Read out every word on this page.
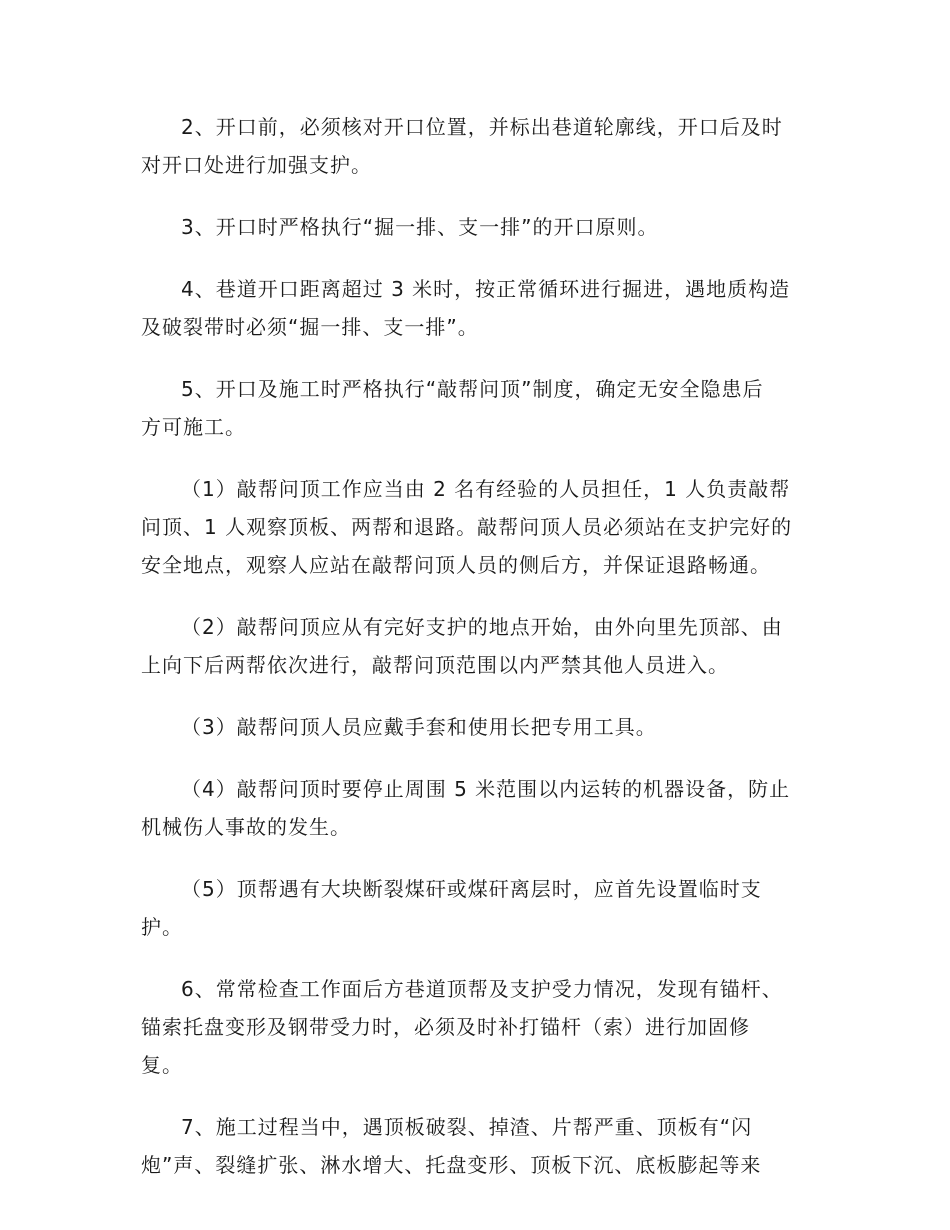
2、开口前，必须核对开口位置，并标出巷道轮廓线，开口后及时
对开口处进行加强支护。
3、开口时严格执行“掘一排、支一排”的开口原则。
4、巷道开口距离超过 3 米时，按正常循环进行掘进，遇地质构造
及破裂带时必须“掘一排、支一排”。
5、开口及施工时严格执行“敲帮问顶”制度，确定无安全隐患后
方可施工。
（1）敲帮问顶工作应当由 2 名有经验的人员担任，1 人负责敲帮
问顶、1 人观察顶板、两帮和退路。敲帮问顶人员必须站在支护完好的
安全地点，观察人应站在敲帮问顶人员的侧后方，并保证退路畅通。
（2）敲帮问顶应从有完好支护的地点开始，由外向里先顶部、由
上向下后两帮依次进行，敲帮问顶范围以内严禁其他人员进入。
（3）敲帮问顶人员应戴手套和使用长把专用工具。
（4）敲帮问顶时要停止周围 5 米范围以内运转的机器设备，防止
机械伤人事故的发生。
（5）顶帮遇有大块断裂煤矸或煤矸离层时，应首先设置临时支
护。
6、常常检查工作面后方巷道顶帮及支护受力情况，发现有锚杆、
锚索托盘变形及钢带受力时，必须及时补打锚杆（索）进行加固修
复。
7、施工过程当中，遇顶板破裂、掉渣、片帮严重、顶板有“闪
炮”声、裂缝扩张、淋水增大、托盘变形、顶板下沉、底板膨起等来
